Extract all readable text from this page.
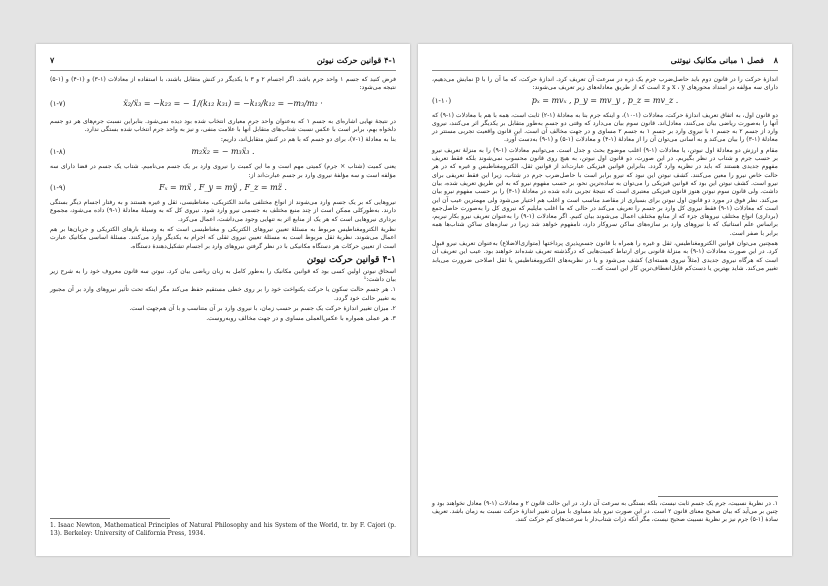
۷	۴-۱ قوانین حرکت نیوتن

فرض کنید که جسم ۱ واحد جرم باشد. اگر اجسام ۲ و ۳ با یکدیگر در کنش متقابل باشند، با استفاده از معادلات (۱-۳) و (۱-۴) و (۱-۵) نتیجه می‌شود:

(۱-۷)	ẍ₂/ẍ₃ = −k₂₃ = − 1/(k₁₂ k₃₁) = −k₁₃/k₁₂ = −m₃/m₂ ·

در نتیجهٔ نهایی اشاره‌ای به جسم ۱ که به‌عنوان واحد جرم معیاری انتخاب شده بود دیده نمی‌شود. بنابراین نسبت جرم‌های هر دو جسم دلخواه بهم، برابر است با عکس نسبت شتاب‌های متقابل آنها با علامت منفی، و نیز به واحد جرم انتخاب شده بستگی ندارد.

بنا به معادلهٔ (۱-۷)، برای دو جسم که با هم در کنش متقابل‌اند، داریم:

(۱-۸)	m₂ẍ₂ = − m₃ẍ₃ .

یعنی کمیت (شتاب × جرم) کمیتی مهم است و ما این کمیت را نیروی وارد بر یک جسم می‌نامیم. شتاب یک جسم در فضا دارای سه مؤلفه است و سه مؤلفهٔ نیروی وارد بر جسم عبارت‌اند از:

(۱-۹)	Fₓ = mẍ , F_y = mÿ , F_z = mz̈ .

نیروهایی که بر یک جسم وارد می‌شوند از انواع مختلفی مانند الکتریکی، مغناطیسی، ثقل و غیره هستند و به رفتار اجسام دیگر بستگی دارند. به‌طورکلی ممکن است از چند منبع مختلف به جسمی نیرو وارد شود. نیروی کل که به وسیلهٔ معادلهٔ (۱-۹) داده می‌شود، مجموع برداری نیروهایی است که هر یک از منابع اثر به تنهایی وجود می‌داشت، اعمال می‌کرد.

نظریهٔ الکترومغناطیس مربوط به مسئلهٔ تعیین نیروهای الکتریکی و مغناطیسی است که به وسیلهٔ بارهای الکتریکی و جریان‌ها بر هم اعمال می‌شوند. نظریهٔ ثقل مربوط است به مسئلهٔ تعیین نیروی ثقلی که اجرام به یکدیگر وارد می‌کنند. مسئلهٔ اساسی مکانیک عبارت است از تعیین حرکات هر دستگاه مکانیکی با در نظر گرفتن نیروهای وارد بر اجسام تشکیل‌دهندهٔ دستگاه.

۴-۱ قوانین حرکت نیوتن

اسحاق نیوتن اولین کسی بود که قوانین مکانیک را به‌طور کامل به زبان ریاضی بیان کرد. نیوتن سه قانون معروف خود را به شرح زیر بیان داشت:¹

۱. هر جسم حالت سکون یا حرکت یکنواخت خود را بر روی خطی مستقیم حفظ می‌کند مگر اینکه تحت تأثیر نیروهای وارد بر آن مجبور به تغییر حالت خود گردد.

۲. میزان تغییر اندازهٔ حرکت یک جسم بر حسب زمان، با نیروی وارد بر آن متناسب و با آن هم‌جهت است.

۳. هر عملی همواره با عکس‌العملی مساوی و در جهت مخالف روبه‌روست.

1. Isaac Newton, Mathematical Principles of Natural Philosophy and his System of the World, tr. by F. Cajori (p. 13). Berkeley: University of California Press, 1934.
۸
فصل ۱ مبانی مکانیک نیوتنی

اندازهٔ حرکت را در قانون دوم باید حاصل‌ضرب جرم یک ذره در سرعت آن تعریف کرد. اندازهٔ حرکت، که ما آن را با p نمایش می‌دهیم، دارای سه مؤلفه در امتداد محورهای x ، y و z است که از طریق معادله‌های زیر تعریف می‌شوند:

(۱-۱۰)	pₓ = mvₓ , p_y = mv_y , p_z = mv_z .

دو قانون اول، به اتفاق تعریف اندازهٔ حرکت، معادلات (۱-۱۰)، و اینکه جرم بنا به معادلهٔ (۱-۲) ثابت است، همه با هم با معادلات (۱-۹) که آنها را به‌صورت ریاضی بیان می‌کنند، معادل‌اند. قانون سوم بیان می‌دارد که وقتی دو جسم به‌طور متقابل بر یکدیگر اثر می‌کنند، نیروی وارد از جسم ۲ به جسم ۱ با نیروی وارد بر جسم ۱ به جسم ۲ مساوی و در جهت مخالف آن است. این قانون واقعیت تجربی مستتر در معادلهٔ (۱-۳) را بیان می‌کند و به آسانی می‌توان آن را از معادلهٔ (۱-۴) و معادلات (۱-۵) و (۱-۹) به‌دست آورد.

مقام و ارزش دو معادلهٔ اول نیوتن، یا معادلات (۱-۹) اغلب موضوع بحث و جدل است. می‌توانیم معادلات (۱-۹) را به منزلهٔ تعریف نیرو بر حسب جرم و شتاب در نظر بگیریم. در این صورت، دو قانون اول نیوتن، به هیچ روی قانون محسوب نمی‌شوند بلکه فقط تعریف مفهوم جدیدی هستند که باید در نظریه وارد گردد. بنابراین قوانین فیزیکی عبارت‌اند از قوانین ثقل، الکترومغناطیس و غیره که در هر حالت خاص نیرو را معین می‌کنند. کشف نیوتن این نبود که نیرو برابر است با حاصل‌ضرب جرم در شتاب، زیرا این فقط تعریفی برای نیرو است. کشف نیوتن این بود که قوانین فیزیکی را می‌توان به ساده‌ترین نحو، بر حسب مفهوم نیرو که به این طریق تعریف شده، بیان داشت. ولی قانون سوم نیوتن هنوز قانون فیزیکی معتبری است که نتیجهٔ تجربی داده شده در معادلهٔ (۱-۴) را بر حسب مفهوم نیرو بیان می‌کند. نظر فوق در مورد دو قانون اول نیوتن برای بسیاری از مقاصد مناسب است و اغلب هم اختیار می‌شود ولی مهمترین عیب آن این است که معادلات (۱-۹) فقط نیروی کل وارد بر جسم را تعریف می‌کند در حالی که ما اغلب مایلیم که نیروی کل را به‌صورت حاصل‌جمع (برداری) انواع مختلف نیروهای جزء که از منابع مختلف اعمال می‌شوند بیان کنیم. اگر معادلات (۱-۹) را به‌عنوان تعریف نیرو بکار نبریم، براساس علم استاتیک که با نیروهای وارد بر سازه‌های ساکن سروکار دارد، نامفهوم خواهد شد زیرا در سازه‌های ساکن شتاب‌ها همه برابر با صفر است.

همچنین می‌توان قوانین الکترومغناطیس، ثقل و غیره را همراه با قانون جسم‌پذیری پرداختها (متوازی‌الاضلاع) به‌عنوان تعریف نیرو قبول کرد. در این صورت معادلات (۱-۹) به منزلهٔ قانونی برای ارتباط کمیت‌هایی که درگذشته تعریف شده‌اند خواهند بود. عیب این تعریف آن است که هرگاه نیروی جدیدی (مثلاً نیروی هسته‌ای) کشف می‌شود و یا در نظریه‌های الکترومغناطیس یا ثقل اصلاحی ضرورت می‌یابد تغییر می‌کند. شاید بهترین یا دست‌کم قابل‌انعطاف‌ترین کار این است که...

۱. در نظریهٔ نسبیت، جرم یک جسم ثابت نیست، بلکه بستگی به سرعت آن دارد. در این حالت قانون ۲ و معادلات (۱-۹) معادل نخواهند بود و چنین بر می‌آید که بیان صحیح معنای قانون ۲ است. در این صورت نیرو باید مساوی با میزان تغییر اندازهٔ حرکت نسبت به زمان باشد. تعریف سادهٔ (۱-۵) جرم نیز بر نظریهٔ نسبیت صحیح نیست، مگر آنکه ذرات شتاب‌دار با سرعت‌های کم حرکت کنند.
